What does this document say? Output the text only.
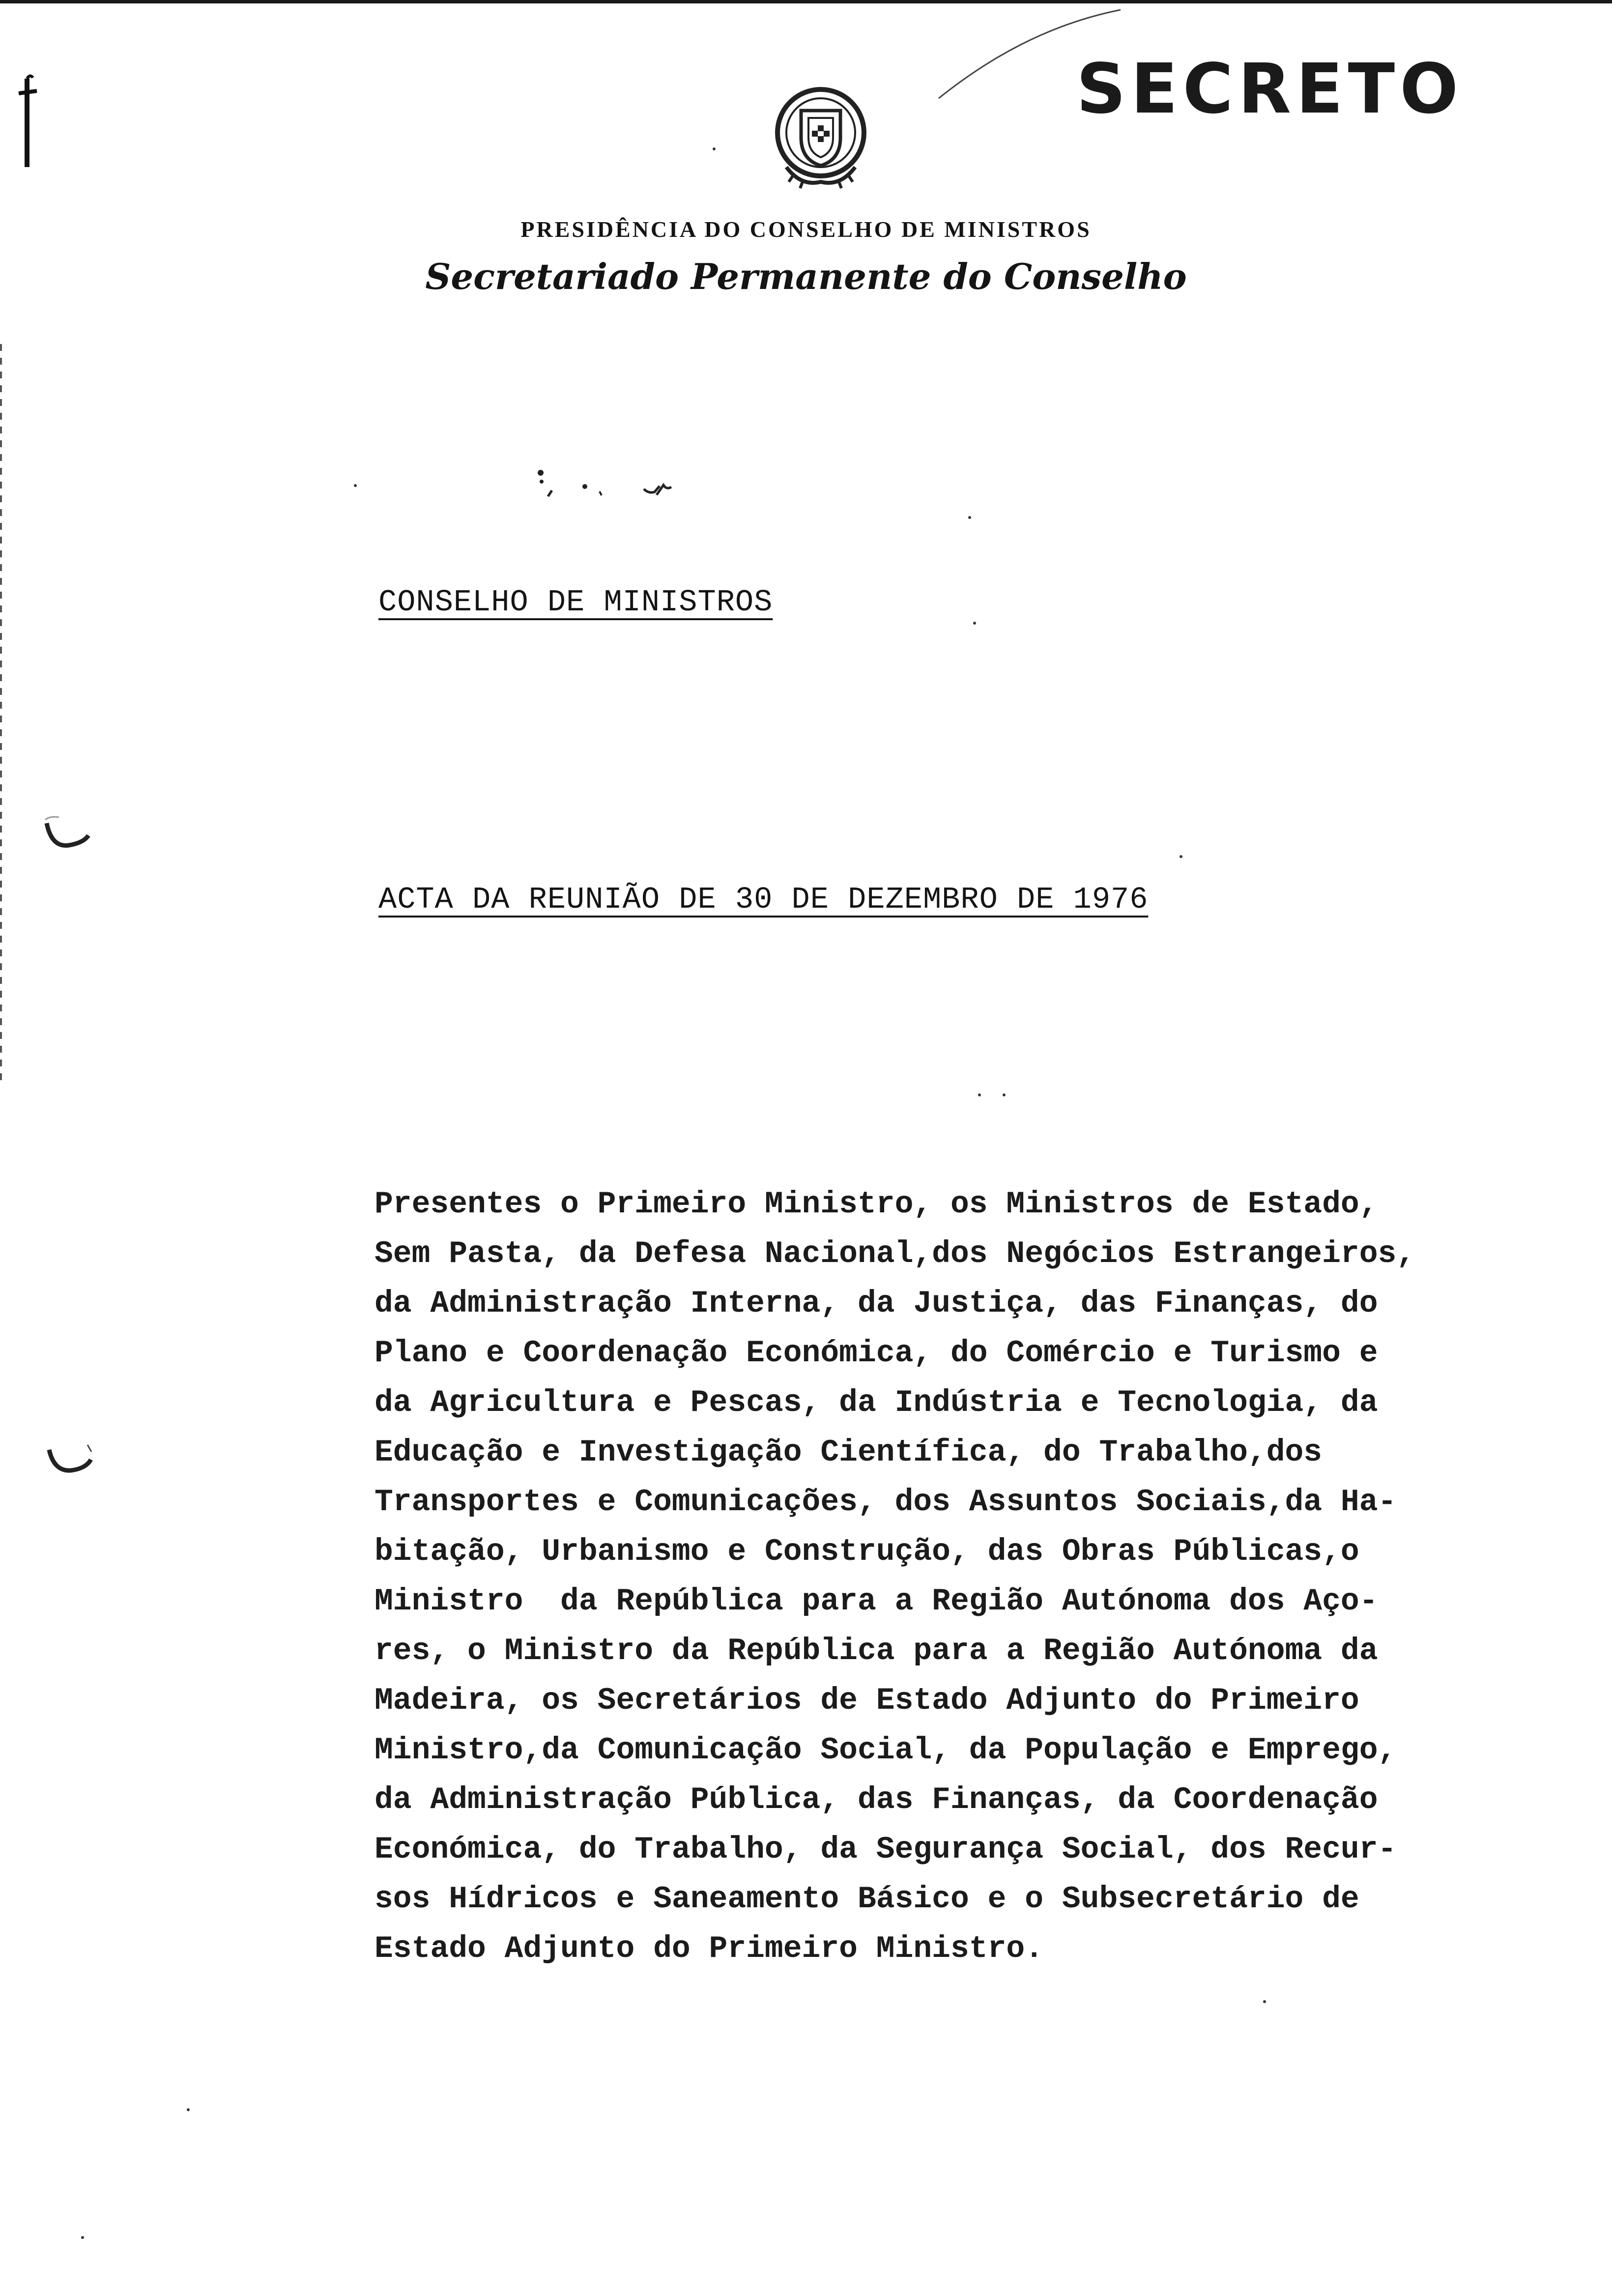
SECRETO
PRESIDÊNCIA DO CONSELHO DE MINISTROS
Secretariado Permanente do Conselho
CONSELHO DE MINISTROS
ACTA DA REUNIÃO DE 30 DE DEZEMBRO DE 1976
Presentes o Primeiro Ministro, os Ministros de Estado,
Sem Pasta, da Defesa Nacional,dos Negócios Estrangeiros,
da Administração Interna, da Justiça, das Finanças, do
Plano e Coordenação Económica, do Comércio e Turismo e
da Agricultura e Pescas, da Indústria e Tecnologia, da
Educação e Investigação Científica, do Trabalho,dos
Transportes e Comunicações, dos Assuntos Sociais,da Ha-
bitação, Urbanismo e Construção, das Obras Públicas,o
Ministro  da República para a Região Autónoma dos Aço-
res, o Ministro da República para a Região Autónoma da
Madeira, os Secretários de Estado Adjunto do Primeiro
Ministro,da Comunicação Social, da População e Emprego,
da Administração Pública, das Finanças, da Coordenação
Económica, do Trabalho, da Segurança Social, dos Recur-
sos Hídricos e Saneamento Básico e o Subsecretário de
Estado Adjunto do Primeiro Ministro.
